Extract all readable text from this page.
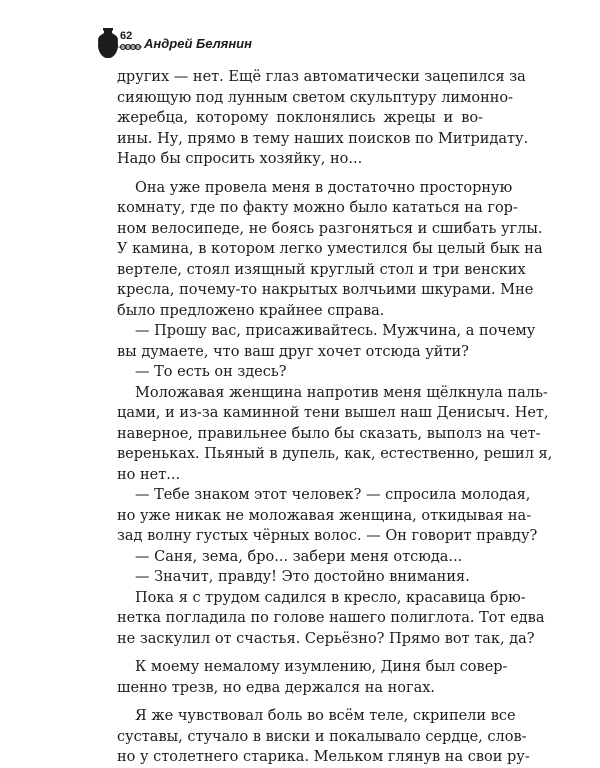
62 Андрей Белянин
других — нет. Ещё глаз автоматически зацепился за
сияющую под лунным светом скульптуру лимонно-
жеребца, которому поклонялись жрецы и во-
ины. Ну, прямо в тему наших поисков по Митридату.
Надо бы спросить хозяйку, но...
Она уже провела меня в достаточно просторную
комнату, где по факту можно было кататься на гор-
ном велосипеде, не боясь разгоняться и сшибать углы.
У камина, в котором легко уместился бы целый бык на
вертеле, стоял изящный круглый стол и три венских
кресла, почему-то накрытых волчьими шкурами. Мне
было предложено крайнее справа.
— Прошу вас, присаживайтесь. Мужчина, а почему
вы думаете, что ваш друг хочет отсюда уйти?
— То есть он здесь?
Моложавая женщина напротив меня щёлкнула паль-
цами, и из-за каминной тени вышел наш Денисыч. Нет,
наверное, правильнее было бы сказать, выполз на чет-
вереньках. Пьяный в дупель, как, естественно, решил я,
но нет...
— Тебе знаком этот человек? — спросила молодая,
но уже никак не моложавая женщина, откидывая на-
зад волну густых чёрных волос. — Он говорит правду?
— Саня, зема, бро... забери меня отсюда...
— Значит, правду! Это достойно внимания.
Пока я с трудом садился в кресло, красавица брю-
нетка погладила по голове нашего полиглота. Тот едва
не заскулил от счастья. Серьёзно? Прямо вот так, да?
К моему немалому изумлению, Диня был совер-
шенно трезв, но едва держался на ногах.
Я же чувствовал боль во всём теле, скрипели все
суставы, стучало в виски и покалывало сердце, слов-
но у столетнего старика. Мельком глянув на свои ру-
